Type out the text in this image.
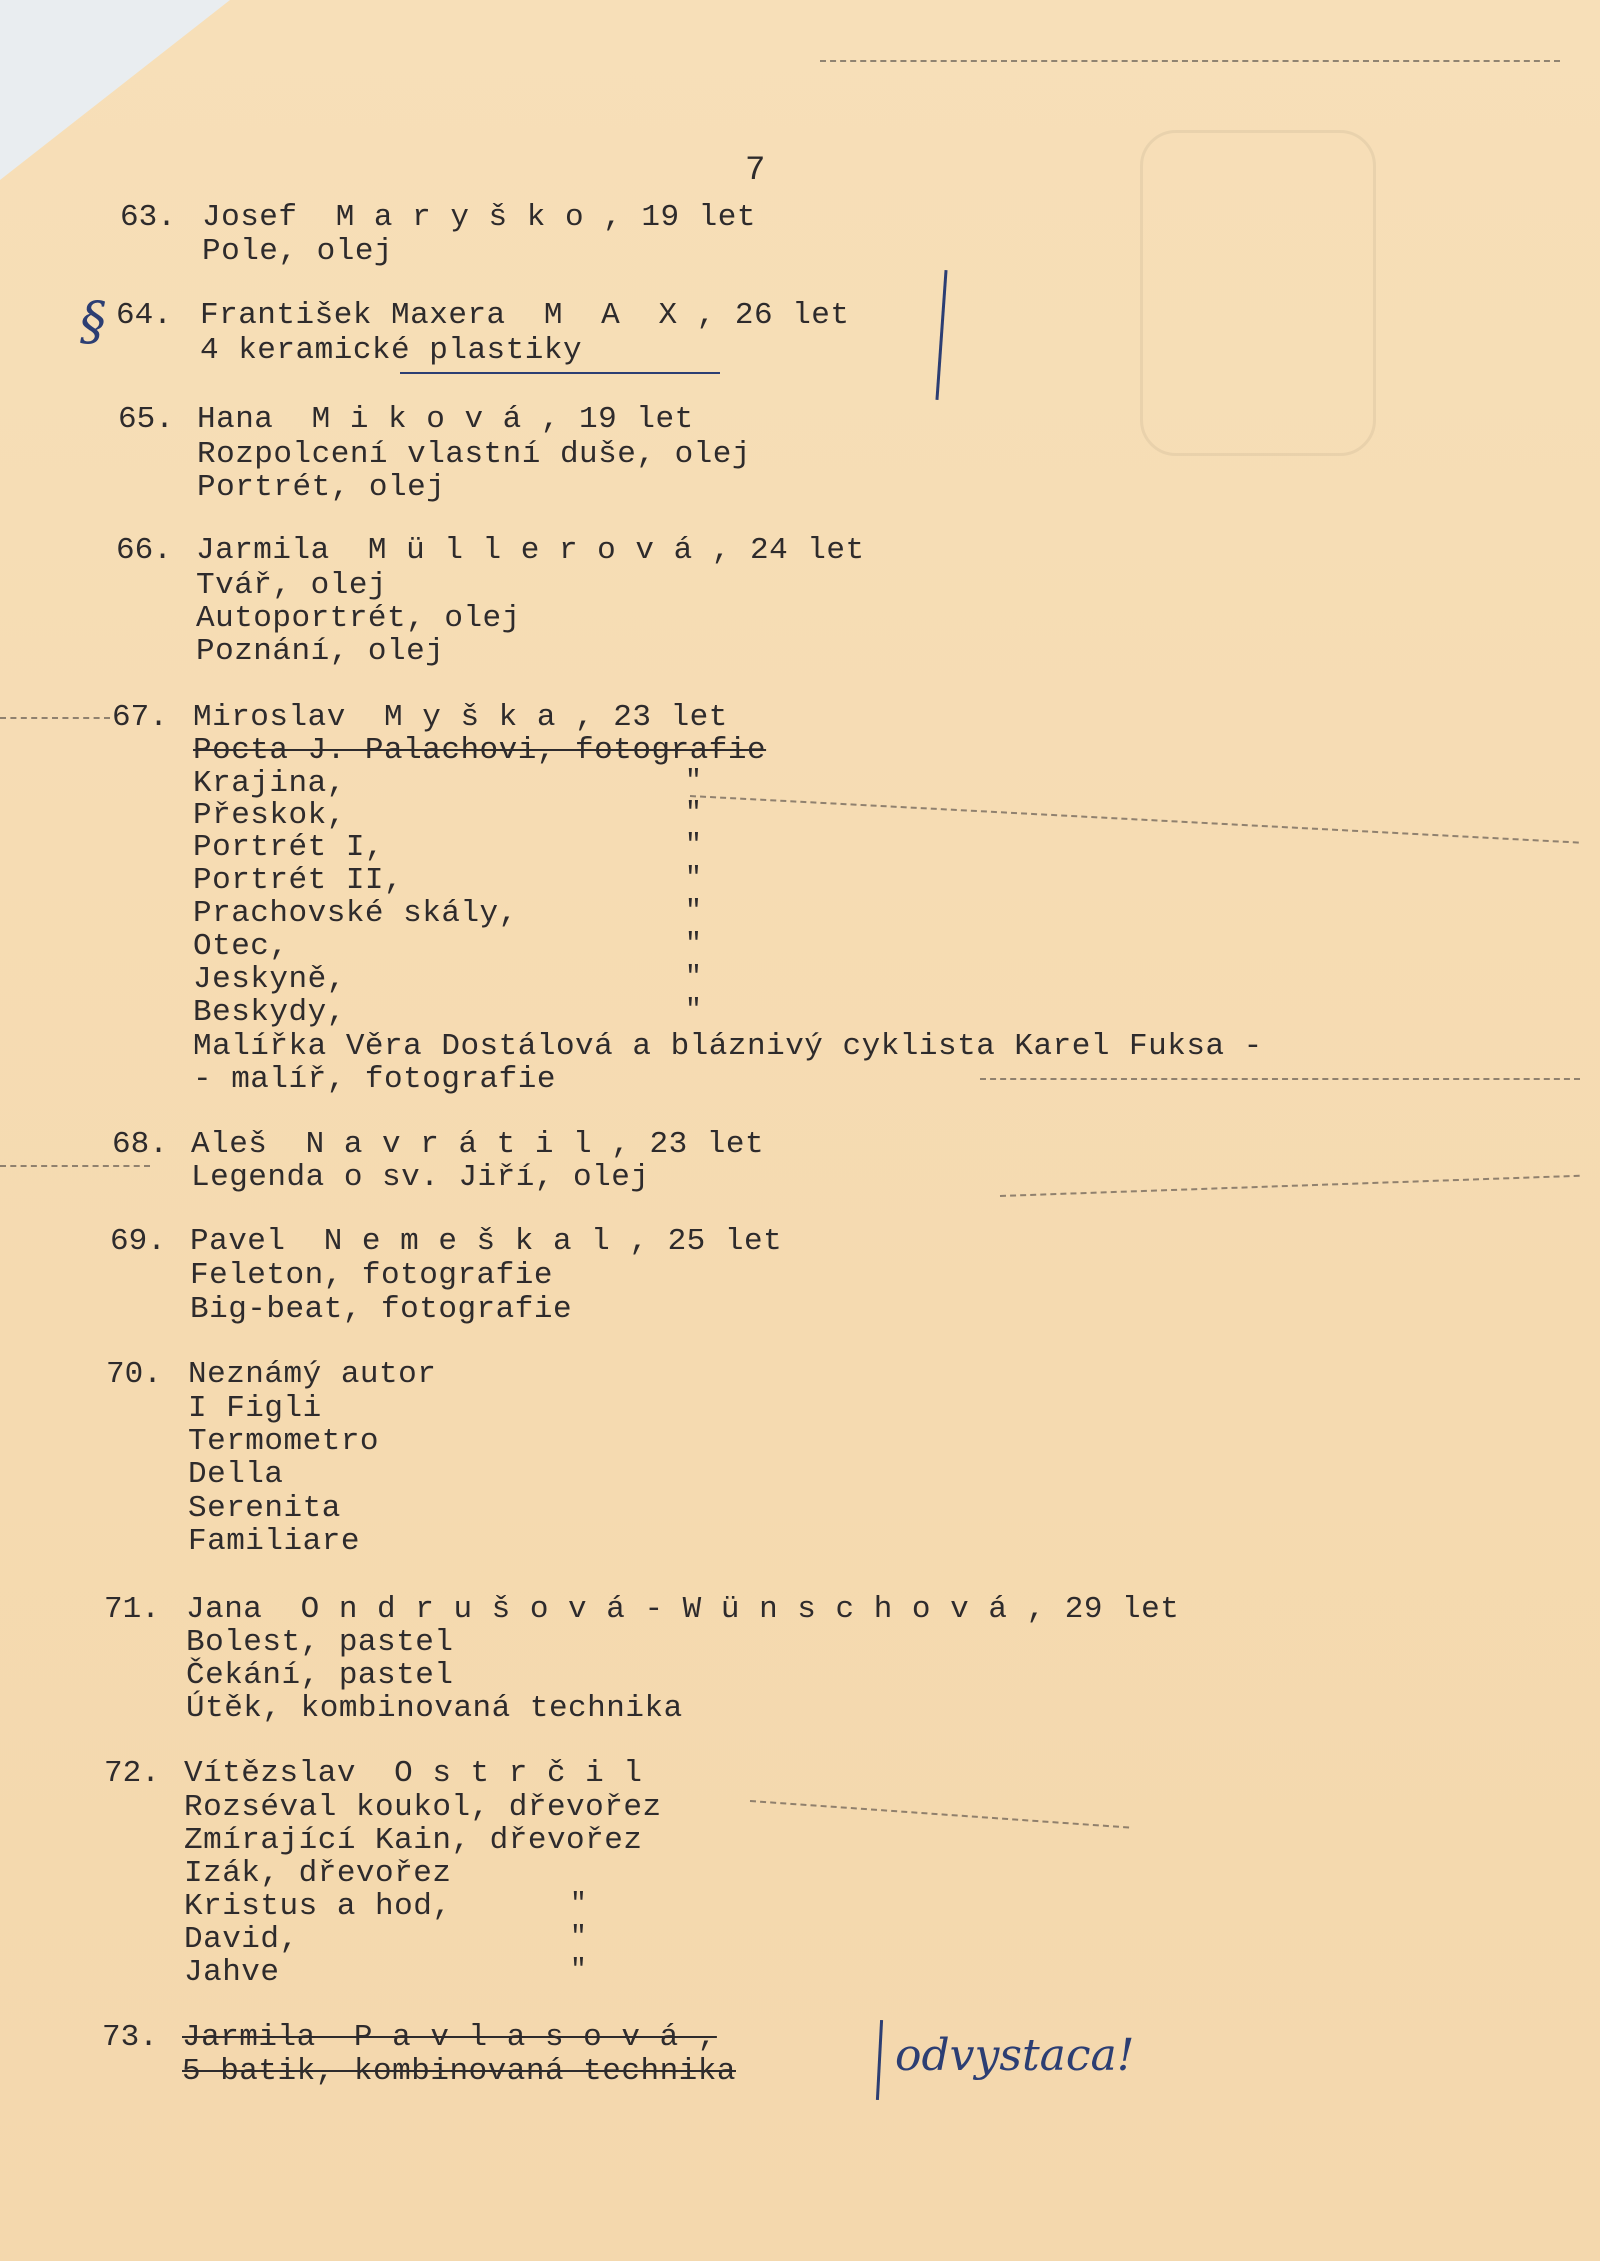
7
63. Josef  M a r y š k o , 19 let
Pole, olej
64. František Maxera  M  A  X , 26 let
4 keramické plastiky
§
65. Hana  M i k o v á , 19 let
Rozpolcení vlastní duše, olej
Portrét, olej
66. Jarmila  M ü l l e r o v á , 24 let
Tvář, olej
Autoportrét, olej
Poznání, olej
67. Miroslav  M y š k a , 23 let
Pocta J. Palachovi, fotografie
Krajina,	"
Přeskok,	"
Portrét I,	"
Portrét II,	"
Prachovské skály,	"
Otec,	"
Jeskyně,	"
Beskydy,	"
Malířka Věra Dostálová a bláznivý cyklista Karel Fuksa -
- malíř, fotografie
68. Aleš  N a v r á t i l , 23 let
Legenda o sv. Jiří, olej
69. Pavel  N e m e š k a l , 25 let
Feleton, fotografie
Big-beat, fotografie
70. Neznámý autor
I Figli
Termometro
Della
Serenita
Familiare
71. Jana  O n d r u š o v á - W ü n s c h o v á , 29 let
Bolest, pastel
Čekání, pastel
Útěk, kombinovaná technika
72. Vítězslav  O s t r č i l
Rozséval koukol, dřevořez
Zmírající Kain, dřevořez
Izák, dřevořez
Kristus a hod,	"
David,	"
Jahve	"
73. Jarmila  P a v l a s o v á ,
5 batik, kombinovaná technika	odvystaca!
